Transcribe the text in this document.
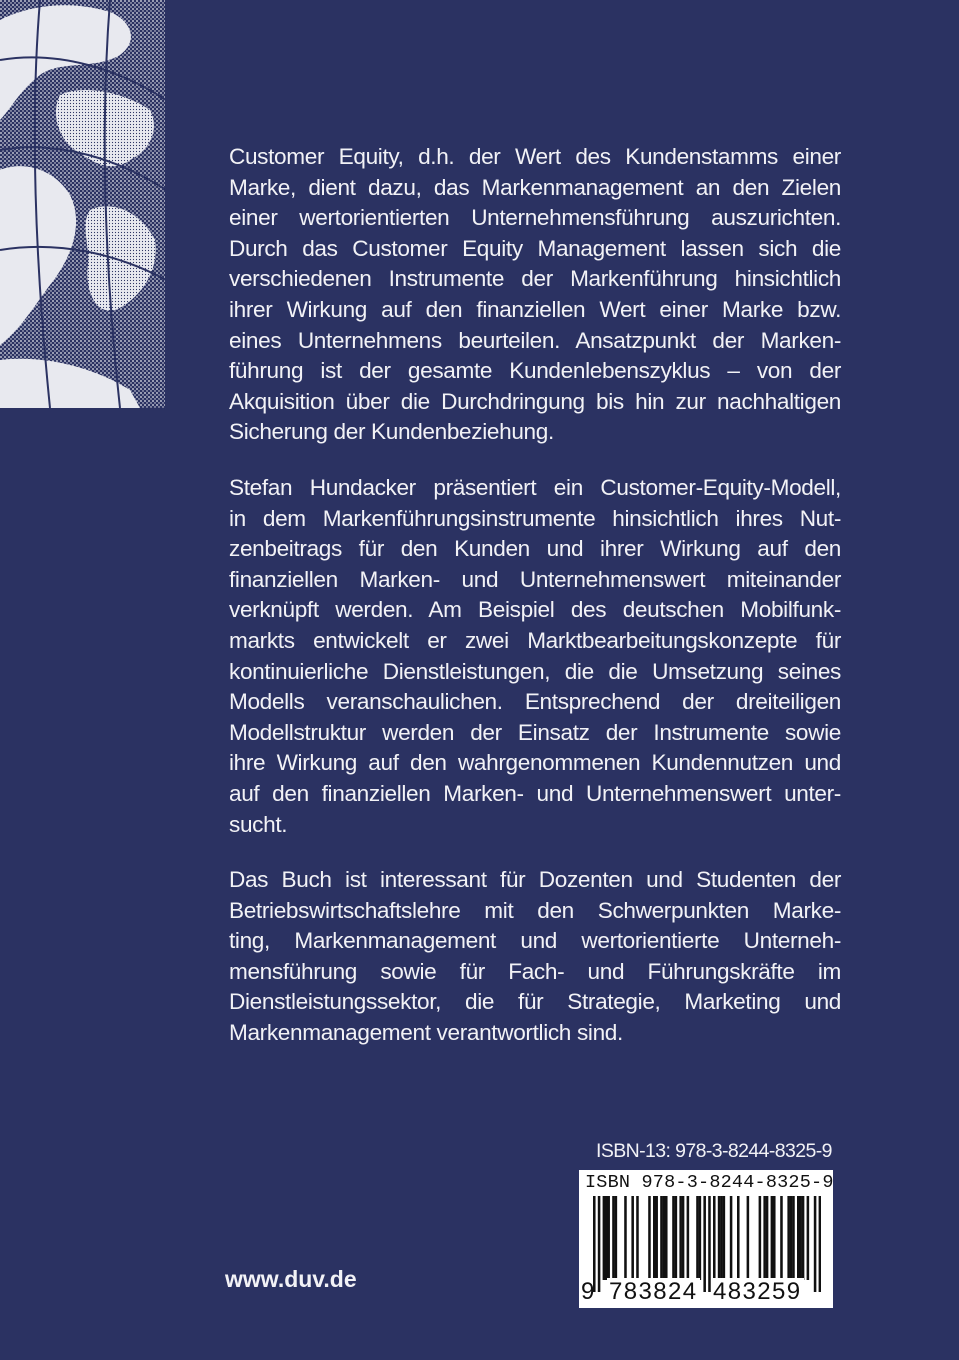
Customer Equity, d.h. der Wert des Kundenstamms einer
Marke, dient dazu, das Markenmanagement an den Zielen
einer wertorientierten Unternehmensführung auszurichten.
Durch das Customer Equity Management lassen sich die
verschiedenen Instrumente der Markenführung hinsichtlich
ihrer Wirkung auf den finanziellen Wert einer Marke bzw.
eines Unternehmens beurteilen. Ansatzpunkt der Marken-
führung ist der gesamte Kundenlebenszyklus – von der
Akquisition über die Durchdringung bis hin zur nachhaltigen
Sicherung der Kundenbeziehung.

Stefan Hundacker präsentiert ein Customer-Equity-Modell,
in dem Markenführungsinstrumente hinsichtlich ihres Nut-
zenbeitrags für den Kunden und ihrer Wirkung auf den
finanziellen Marken- und Unternehmenswert miteinander
verknüpft werden. Am Beispiel des deutschen Mobilfunk-
markts entwickelt er zwei Marktbearbeitungskonzepte für
kontinuierliche Dienstleistungen, die die Umsetzung seines
Modells veranschaulichen. Entsprechend der dreiteiligen
Modellstruktur werden der Einsatz der Instrumente sowie
ihre Wirkung auf den wahrgenommenen Kundennutzen und
auf den finanziellen Marken- und Unternehmenswert unter-
sucht.

Das Buch ist interessant für Dozenten und Studenten der
Betriebswirtschaftslehre mit den Schwerpunkten Marke-
ting, Markenmanagement und wertorientierte Unterneh-
mensführung sowie für Fach- und Führungskräfte im
Dienstleistungssektor, die für Strategie, Marketing und
Markenmanagement verantwortlich sind.

ISBN-13: 978-3-8244-8325-9
ISBN 978-3-8244-8325-9
9 783824 483259
www.duv.de
